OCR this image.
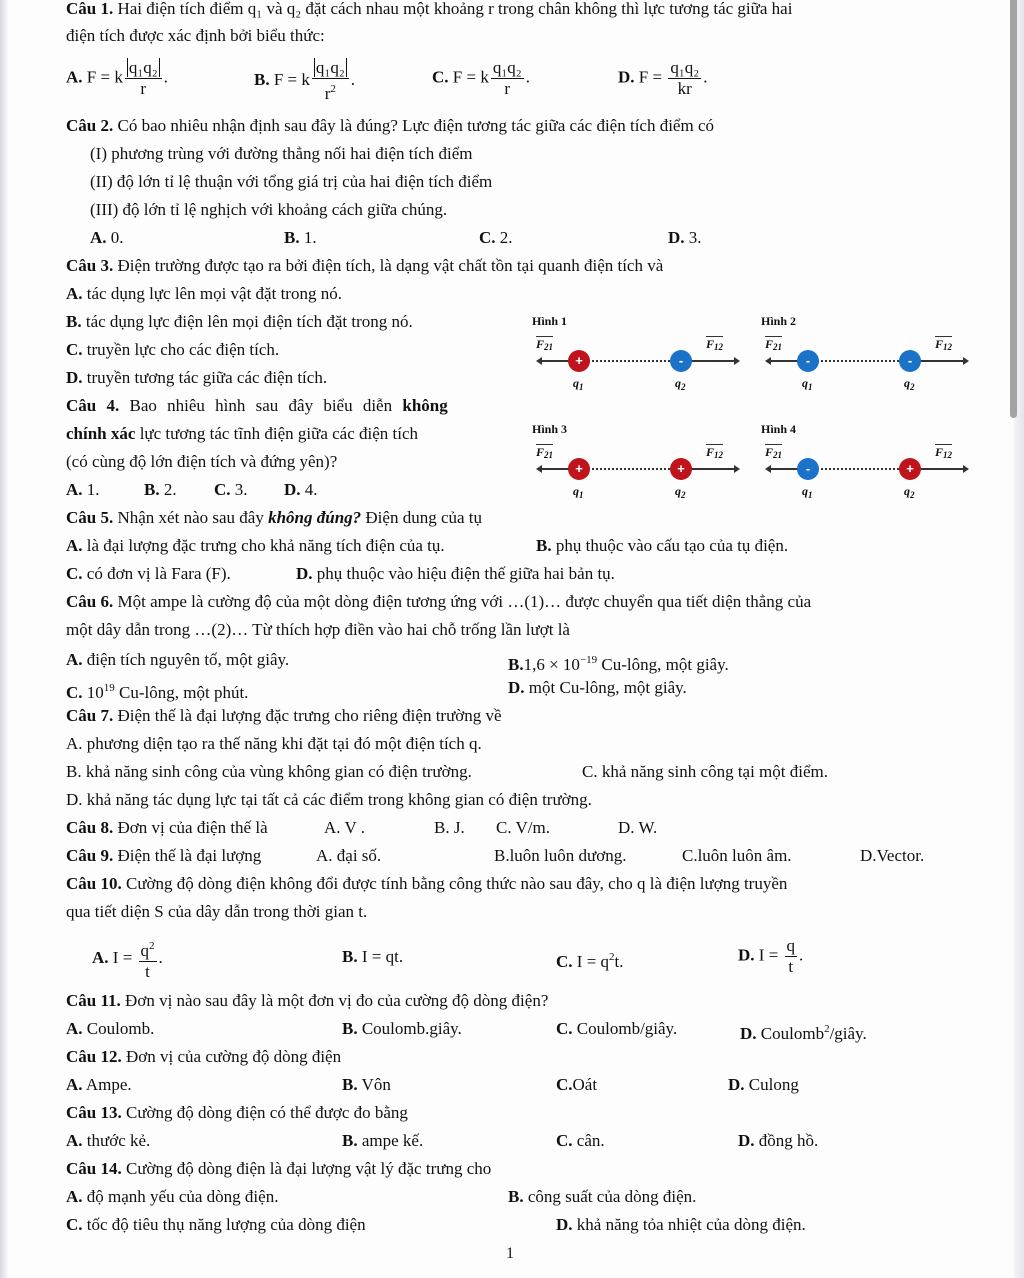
Câu 1. Hai điện tích điểm q₁ và q₂ đặt cách nhau một khoảng r trong chân không thì lực tương tác giữa hai
điện tích được xác định bởi biểu thức:
A. F = k $\frac{\text{q₁q₂}}{r}$ .	B. F = k $\frac{\text{q₁q₂}}{r^2}$ .	C. F = k $\frac{\text{q₁q₂}}{r}$ .	D. $F = \frac{\text{q₁q₂}}{kr}$ .
Câu 2. Có bao nhiêu nhận định sau đây là đúng? Lực điện tương tác giữa các điện tích điểm có
(I) phương trùng với đường thẳng nối hai điện tích điểm
(II) độ lớn tỉ lệ thuận với tổng giá trị của hai điện tích điểm
(III) độ lớn tỉ lệ nghịch với khoảng cách giữa chúng.
A. 0.	B. 1.	C. 2.	D. 3.
Câu 3. Điện trường được tạo ra bởi điện tích, là dạng vật chất tồn tại quanh điện tích và
A. tác dụng lực lên mọi vật đặt trong nó.
B. tác dụng lực điện lên mọi điện tích đặt trong nó.
C. truyền lực cho các điện tích.
D. truyền tương tác giữa các điện tích.
Câu 4. Bao nhiêu hình sau đây biểu diễn không
chính xác lực tương tác tĩnh điện giữa các điện tích
(có cùng độ lớn điện tích và đứng yên)?
A. 1.	B. 2. C. 3. D. 4.
Hình 1
$F_{21}$	$F_{12}$
+	-
$q_1$	$q_2$
Hình 2
$F_{21}$	$F_{12}$
-	-
$q_1$	$q_2$
Hình 3
$F_{21}$	$F_{12}$
+	+
$q_1$	$q_2$
Hình 4
$F_{21}$	$F_{12}$
-	+
$q_1$	$q_2$
Câu 5. Nhận xét nào sau đây không đúng? Điện dung của tụ
A. là đại lượng đặc trưng cho khả năng tích điện của tụ.	B. phụ thuộc vào cấu tạo của tụ điện.
C. có đơn vị là Fara (F).	D. phụ thuộc vào hiệu điện thế giữa hai bản tụ.
Câu 6. Một ampe là cường độ của một dòng điện tương ứng với …(1)… được chuyển qua tiết diện thẳng của
một dây dẫn trong …(2)… Từ thích hợp điền vào hai chỗ trống lần lượt là
A. điện tích nguyên tố, một giây.	$B.1,6 \times 10^{-19}$ Cu-lông, một giây.
C. $10^{19}$ Cu-lông, một phút.	D. một Cu-lông, một giây.
Câu 7. Điện thế là đại lượng đặc trưng cho riêng điện trường về
A. phương diện tạo ra thế năng khi đặt tại đó một điện tích q.
B. khả năng sinh công của vùng không gian có điện trường.	C. khả năng sinh công tại một điểm.
D. khả năng tác dụng lực tại tất cả các điểm trong không gian có điện trường.
Câu 8. Đơn vị của điện thế là	A. V .	B. J. C. V/m.	D. W.
Câu 9. Điện thế là đại lượng	A. đại số.	B.luôn luôn dương.	C.luôn luôn âm.	D.Vector.
Câu 10. Cường độ dòng điện không đổi được tính bằng công thức nào sau đây, cho q là điện lượng truyền
qua tiết diện S của dây dẫn trong thời gian t.
A. $I = \frac{q^2}{t}$ .	B. I = qt.	C. $I = q^2t$.	D. $I = \frac{q}{t}$ .
Câu 11. Đơn vị nào sau đây là một đơn vị đo của cường độ dòng điện?
A. Coulomb.	B. Coulomb.giây.	C. Coulomb/giây.	D. Coulomb$^2$/giây.
Câu 12. Đơn vị của cường độ dòng điện
A. Ampe.	B. Vôn	C.Oát	D. Culong
Câu 13. Cường độ dòng điện có thể được đo bằng
A. thước kẻ.	B. ampe kế.	C. cân.	D. đồng hồ.
Câu 14. Cường độ dòng điện là đại lượng vật lý đặc trưng cho
A. độ mạnh yếu của dòng điện.	B. công suất của dòng điện.
C. tốc độ tiêu thụ năng lượng của dòng điện	D. khả năng tỏa nhiệt của dòng điện.
1
